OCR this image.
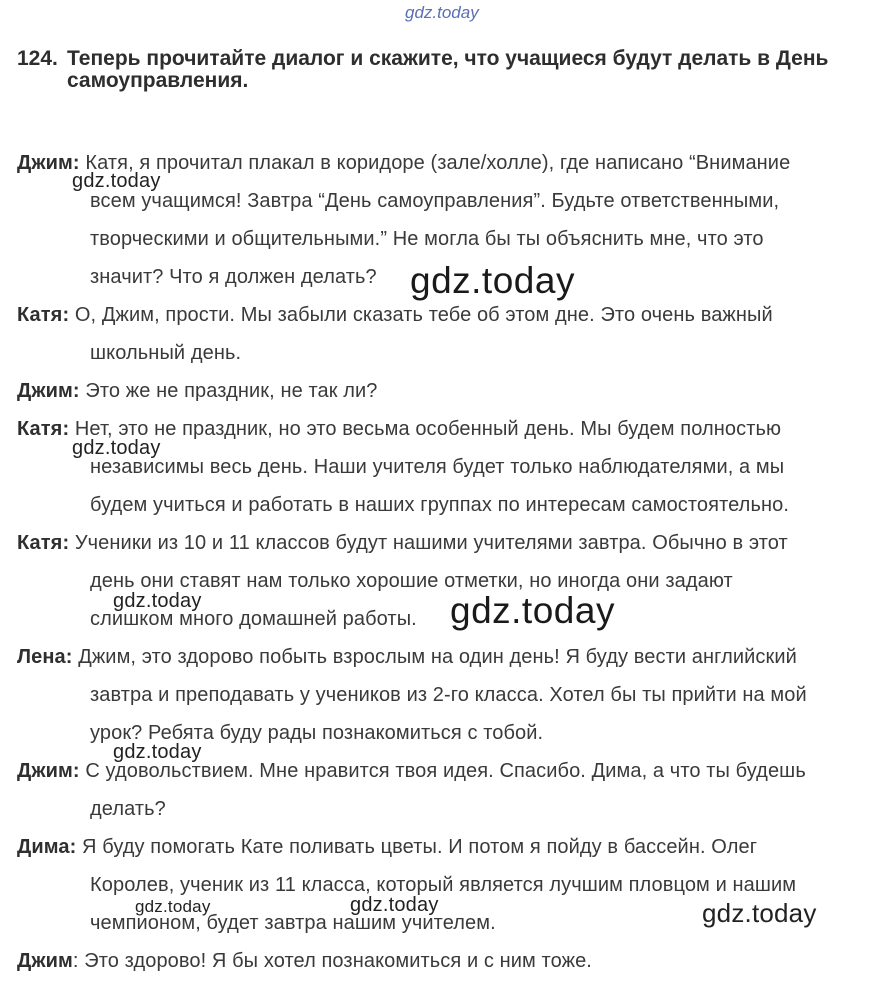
gdz.today
124. Теперь прочитайте диалог и скажите, что учащиеся будут делать в День
самоуправления.
Джим: Катя, я прочитал плакал в коридоре (зале/холле), где написано “Внимание
всем учащимся! Завтра “День самоуправления”. Будьте ответственными,
творческими и общительными.” Не могла бы ты объяснить мне, что это
значит? Что я должен делать?
Катя: О, Джим, прости. Мы забыли сказать тебе об этом дне. Это очень важный
школьный день.
Джим: Это же не праздник, не так ли?
Катя: Нет, это не праздник, но это весьма особенный день. Мы будем полностью
независимы весь день. Наши учителя будет только наблюдателями, а мы
будем учиться и работать в наших группах по интересам самостоятельно.
Катя: Ученики из 10 и 11 классов будут нашими учителями завтра. Обычно в этот
день они ставят нам только хорошие отметки, но иногда они задают
слишком много домашней работы.
Лена: Джим, это здорово побыть взрослым на один день! Я буду вести английский
завтра и преподавать у учеников из 2-го класса. Хотел бы ты прийти на мой
урок? Ребята буду рады познакомиться с тобой.
Джим: С удовольствием. Мне нравится твоя идея. Спасибо. Дима, а что ты будешь
делать?
Дима: Я буду помогать Кате поливать цветы. И потом я пойду в бассейн. Олег
Королев, ученик из 11 класса, который является лучшим пловцом и нашим
чемпионом, будет завтра нашим учителем.
Джим: Это здорово! Я бы хотел познакомиться и с ним тоже.
gdz.today
gdz.today
gdz.today
gdz.today	gdz.today
gdz.today
gdz.today	gdz.today	gdz.today
